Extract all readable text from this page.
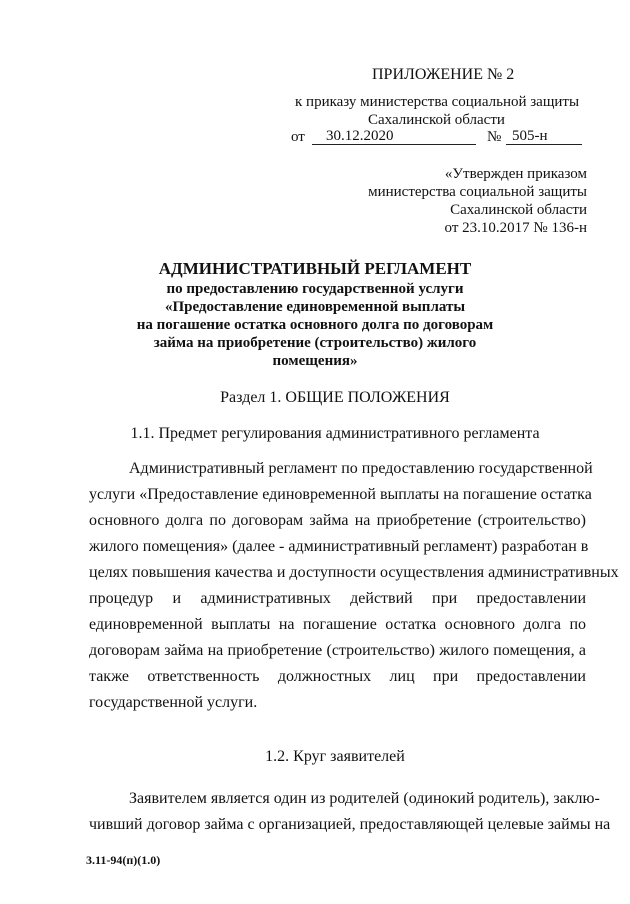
ПРИЛОЖЕНИЕ № 2
к приказу министерства социальной защиты
Сахалинской области
от	30.12.2020	№ 505-н
«Утвержден приказом
министерства социальной защиты
Сахалинской области
от 23.10.2017 № 136-н
АДМИНИСТРАТИВНЫЙ РЕГЛАМЕНТ
по предоставлению государственной услуги
«Предоставление единовременной выплаты
на погашение остатка основного долга по договорам
займа на приобретение (строительство) жилого
помещения»
Раздел 1. ОБЩИЕ ПОЛОЖЕНИЯ
1.1. Предмет регулирования административного регламента
Административный регламент по предоставлению государственной
услуги «Предоставление единовременной выплаты на погашение остатка
основного долга по договорам займа на приобретение (строительство)
жилого помещения» (далее - административный регламент) разработан в
целях повышения качества и доступности осуществления административных
процедур и административных действий при предоставлении
единовременной выплаты на погашение остатка основного долга по
договорам займа на приобретение (строительство) жилого помещения, а
также ответственность должностных лиц при предоставлении
государственной услуги.
1.2. Круг заявителей
Заявителем является один из родителей (одинокий родитель), заклю-
чивший договор займа с организацией, предоставляющей целевые займы на
3.11-94(п)(1.0)
